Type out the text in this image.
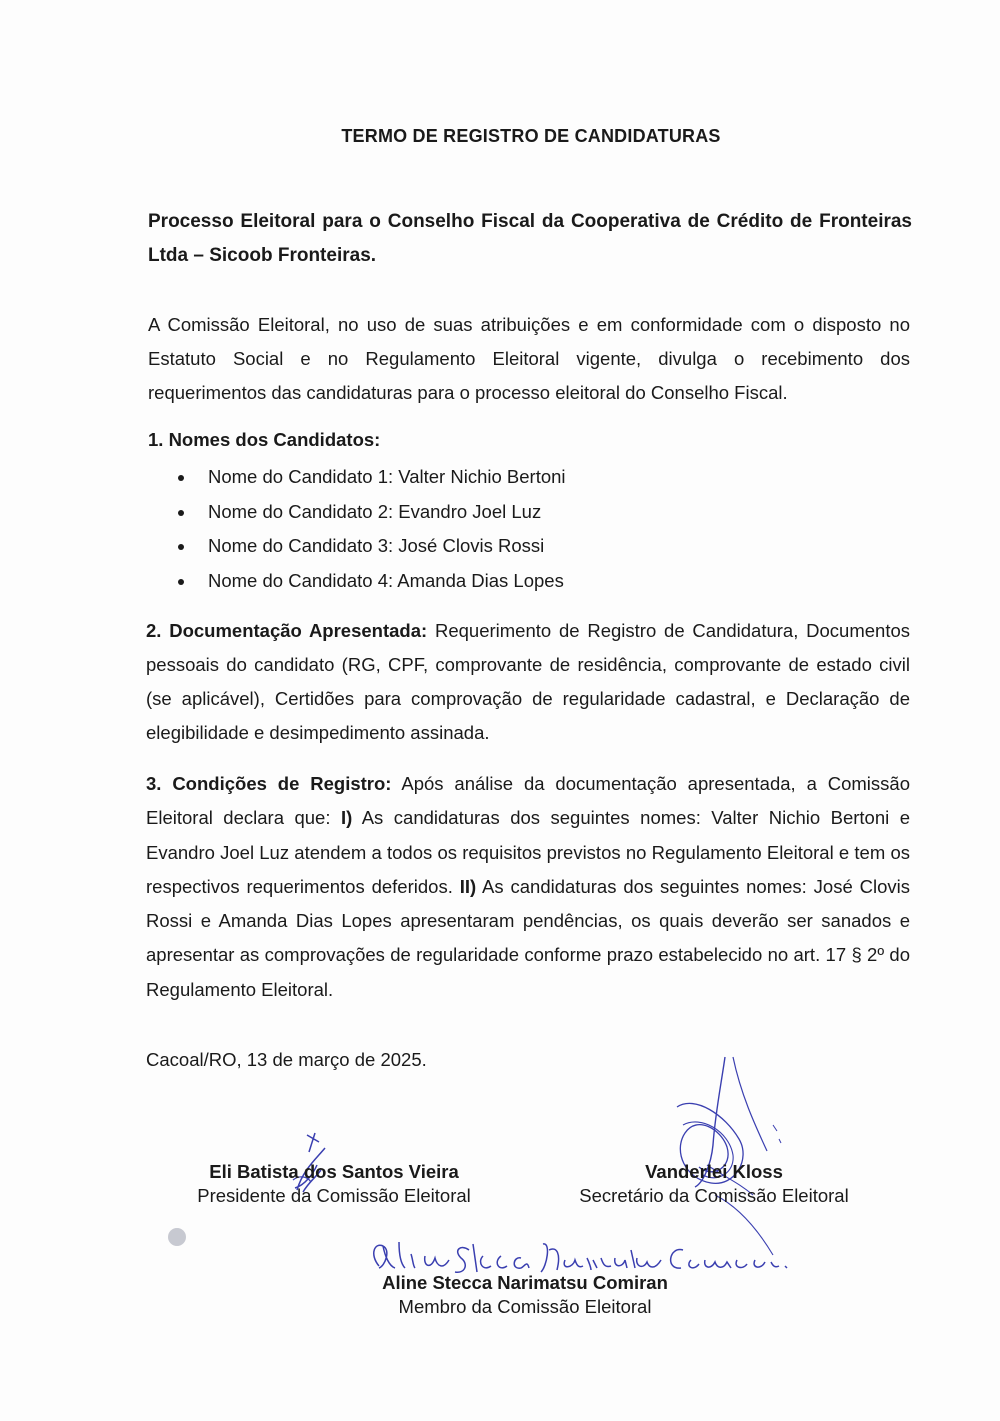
TERMO DE REGISTRO DE CANDIDATURAS
Processo Eleitoral para o Conselho Fiscal da Cooperativa de Crédito de Fronteiras Ltda – Sicoob Fronteiras.
A Comissão Eleitoral, no uso de suas atribuições e em conformidade com o disposto no Estatuto Social e no Regulamento Eleitoral vigente, divulga o recebimento dos requerimentos das candidaturas para o processo eleitoral do Conselho Fiscal.
1. Nomes dos Candidatos:
Nome do Candidato 1: Valter Nichio Bertoni
Nome do Candidato 2: Evandro Joel Luz
Nome do Candidato 3: José Clovis Rossi
Nome do Candidato 4: Amanda Dias Lopes
2. Documentação Apresentada: Requerimento de Registro de Candidatura, Documentos pessoais do candidato (RG, CPF, comprovante de residência, comprovante de estado civil (se aplicável), Certidões para comprovação de regularidade cadastral, e Declaração de elegibilidade e desimpedimento assinada.
3. Condições de Registro: Após análise da documentação apresentada, a Comissão Eleitoral declara que: I) As candidaturas dos seguintes nomes: Valter Nichio Bertoni e Evandro Joel Luz atendem a todos os requisitos previstos no Regulamento Eleitoral e tem os respectivos requerimentos deferidos. II) As candidaturas dos seguintes nomes: José Clovis Rossi e Amanda Dias Lopes apresentaram pendências, os quais deverão ser sanados e apresentar as comprovações de regularidade conforme prazo estabelecido no art. 17 § 2º do Regulamento Eleitoral.
Cacoal/RO, 13 de março de 2025.
Eli Batista dos Santos Vieira
Presidente da Comissão Eleitoral
Vanderlei Kloss
Secretário da Comissão Eleitoral
Aline Stecca Narimatsu Comiran
Membro da Comissão Eleitoral
